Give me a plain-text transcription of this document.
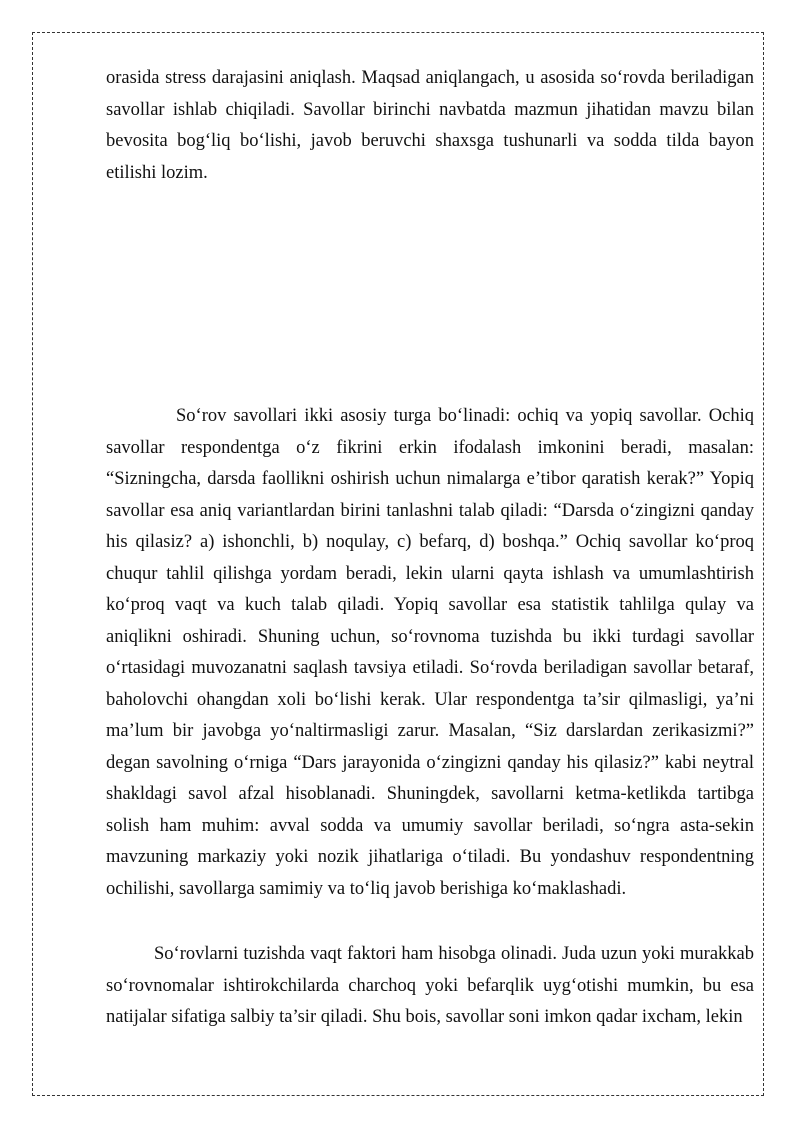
orasida stress darajasini aniqlash. Maqsad aniqlangach, u asosida so‘rovda beriladigan savollar ishlab chiqiladi. Savollar birinchi navbatda mazmun jihatidan mavzu bilan bevosita bog‘liq bo‘lishi, javob beruvchi shaxsga tushunarli va sodda tilda bayon etilishi lozim.

So‘rov savollari ikki asosiy turga bo‘linadi: ochiq va yopiq savollar. Ochiq savollar respondentga o‘z fikrini erkin ifodalash imkonini beradi, masalan: “Sizningcha, darsda faollikni oshirish uchun nimalarga e’tibor qaratish kerak?” Yopiq savollar esa aniq variantlardan birini tanlashni talab qiladi: “Darsda o‘zingizni qanday his qilasiz? a) ishonchli, b) noqulay, c) befarq, d) boshqa.” Ochiq savollar ko‘proq chuqur tahlil qilishga yordam beradi, lekin ularni qayta ishlash va umumlashtirish ko‘proq vaqt va kuch talab qiladi. Yopiq savollar esa statistik tahlilga qulay va aniqlikni oshiradi. Shuning uchun, so‘rovnoma tuzishda bu ikki turdagi savollar o‘rtasidagi muvozanatni saqlash tavsiya etiladi. So‘rovda beriladigan savollar betaraf, baholovchi ohangdan xoli bo‘lishi kerak. Ular respondentga ta’sir qilmasligi, ya’ni ma’lum bir javobga yo‘naltirmasligi zarur. Masalan, “Siz darslardan zerikasizmi?” degan savolning o‘rniga “Dars jarayonida o‘zingizni qanday his qilasiz?” kabi neytral shakldagi savol afzal hisoblanadi. Shuningdek, savollarni ketma-ketlikda tartibga solish ham muhim: avval sodda va umumiy savollar beriladi, so‘ngra asta-sekin mavzuning markaziy yoki nozik jihatlariga o‘tiladi. Bu yondashuv respondentning ochilishi, savollarga samimiy va to‘liq javob berishiga ko‘maklashadi.

So‘rovlarni tuzishda vaqt faktori ham hisobga olinadi. Juda uzun yoki murakkab so‘rovnomalar ishtirokchilarda charchoq yoki befarqlik uyg‘otishi mumkin, bu esa natijalar sifatiga salbiy ta’sir qiladi. Shu bois, savollar soni imkon qadar ixcham, lekin
